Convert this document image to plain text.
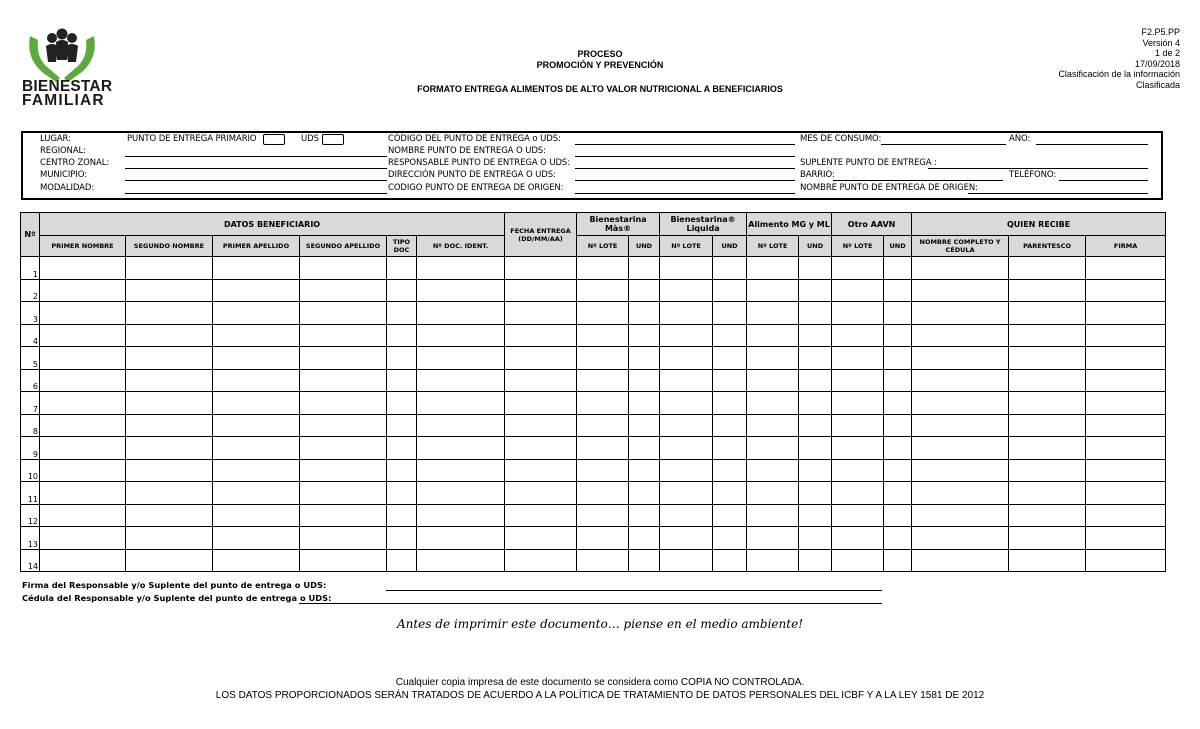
BIENESTAR
FAMILIAR
PROCESO
PROMOCIÓN Y PREVENCIÓN
FORMATO ENTREGA ALIMENTOS DE ALTO VALOR NUTRICIONAL A BENEFICIARIOS
F2.P5.PP
Versión 4
1 de 2
17/09/2018
Clasificación de la información
Clasificada
LUGAR:	PUNTO DE ENTREGA PRIMARIO	UDS	CÓDIGO DEL PUNTO DE ENTREGA o UDS:	MES DE CONSUMO:	AÑO:
REGIONAL:	NOMBRE PUNTO DE ENTREGA O UDS:
CENTRO ZONAL:	RESPONSABLE PUNTO DE ENTREGA O UDS:	SUPLENTE PUNTO DE ENTREGA :
MUNICIPIO:	DIRECCIÓN PUNTO DE ENTREGA O UDS:	BARRIO:	TELÉFONO:
MODALIDAD:	CODIGO PUNTO DE ENTREGA DE ORIGEN:	NOMBRE PUNTO DE ENTREGA DE ORIGEN:
Nº	DATOS BENEFICIARIO						FECHA ENTREGA (DD/MM/AA)	Bienestarina Màs®		Bienestarina® Liquida		Alimento MG y ML		Otro AAVN		QUIEN RECIBE		
	PRIMER NOMBRE	SEGUNDO NOMBRE	PRIMER APELLIDO	SEGUNDO APELLIDO	TIPO DOC	Nº DOC. IDENT.		Nº LOTE	UND	Nº LOTE	UND	Nº LOTE	UND	Nº LOTE	UND	NOMBRE COMPLETO Y CÉDULA	PARENTESCO	FIRMA
1																		
2																		
3																		
4																		
5																		
6																		
7																		
8																		
9																		
10																		
11																		
12																		
13																		
14																		
Firma del Responsable y/o Suplente del punto de entrega o UDS:
Cédula del Responsable y/o Suplente del punto de entrega o UDS:
Antes de imprimir este documento… piense en el medio ambiente!
Cualquier copia impresa de este documento se considera como COPIA NO CONTROLADA.
LOS DATOS PROPORCIONADOS SERÁN TRATADOS DE ACUERDO A LA POLÍTICA DE TRATAMIENTO DE DATOS PERSONALES DEL ICBF Y A LA LEY 1581 DE 2012
